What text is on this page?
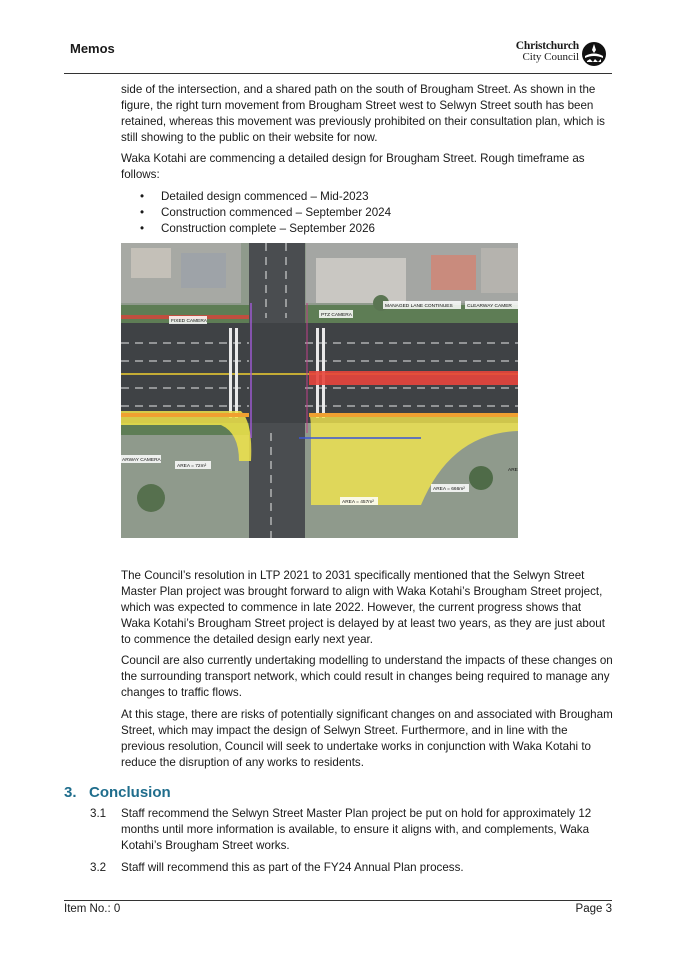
Memos	Christchurch
City Council

side of the intersection, and a shared path on the south of Brougham Street. As shown in the figure, the right turn movement from Brougham Street west to Selwyn Street south has been retained, whereas this movement was previously prohibited on their consultation plan, which is still showing to the public on their website for now.

Waka Kotahi are commencing a detailed design for Brougham Street. Rough timeframe as follows:

• Detailed design commenced – Mid-2023
• Construction commenced – September 2024
• Construction complete – September 2026
FIXED CAMERA
PTZ CAMERA
MANAGED LANE CONTINUES	CLEARWAY CAMER
ARWAY CAMERA
AREA = 72m²
AREA = 457m²
AREA = 666m²
ARE

The Council’s resolution in LTP 2021 to 2031 specifically mentioned that the Selwyn Street Master Plan project was brought forward to align with Waka Kotahi’s Brougham Street project, which was expected to commence in late 2022. However, the current progress shows that Waka Kotahi’s Brougham Street project is delayed by at least two years, as they are just about to commence the detailed design early next year.

Council are also currently undertaking modelling to understand the impacts of these changes on the surrounding transport network, which could result in changes being required to manage any changes to traffic flows.

At this stage, there are risks of potentially significant changes on and associated with Brougham Street, which may impact the design of Selwyn Street. Furthermore, and in line with the previous resolution, Council will seek to undertake works in conjunction with Waka Kotahi to reduce the disruption of any works to residents.

3. Conclusion
3.1 Staff recommend the Selwyn Street Master Plan project be put on hold for approximately 12 months until more information is available, to ensure it aligns with, and complements, Waka Kotahi’s Brougham Street works.
3.2 Staff will recommend this as part of the FY24 Annual Plan process.
Item No.: 0	Page 3
